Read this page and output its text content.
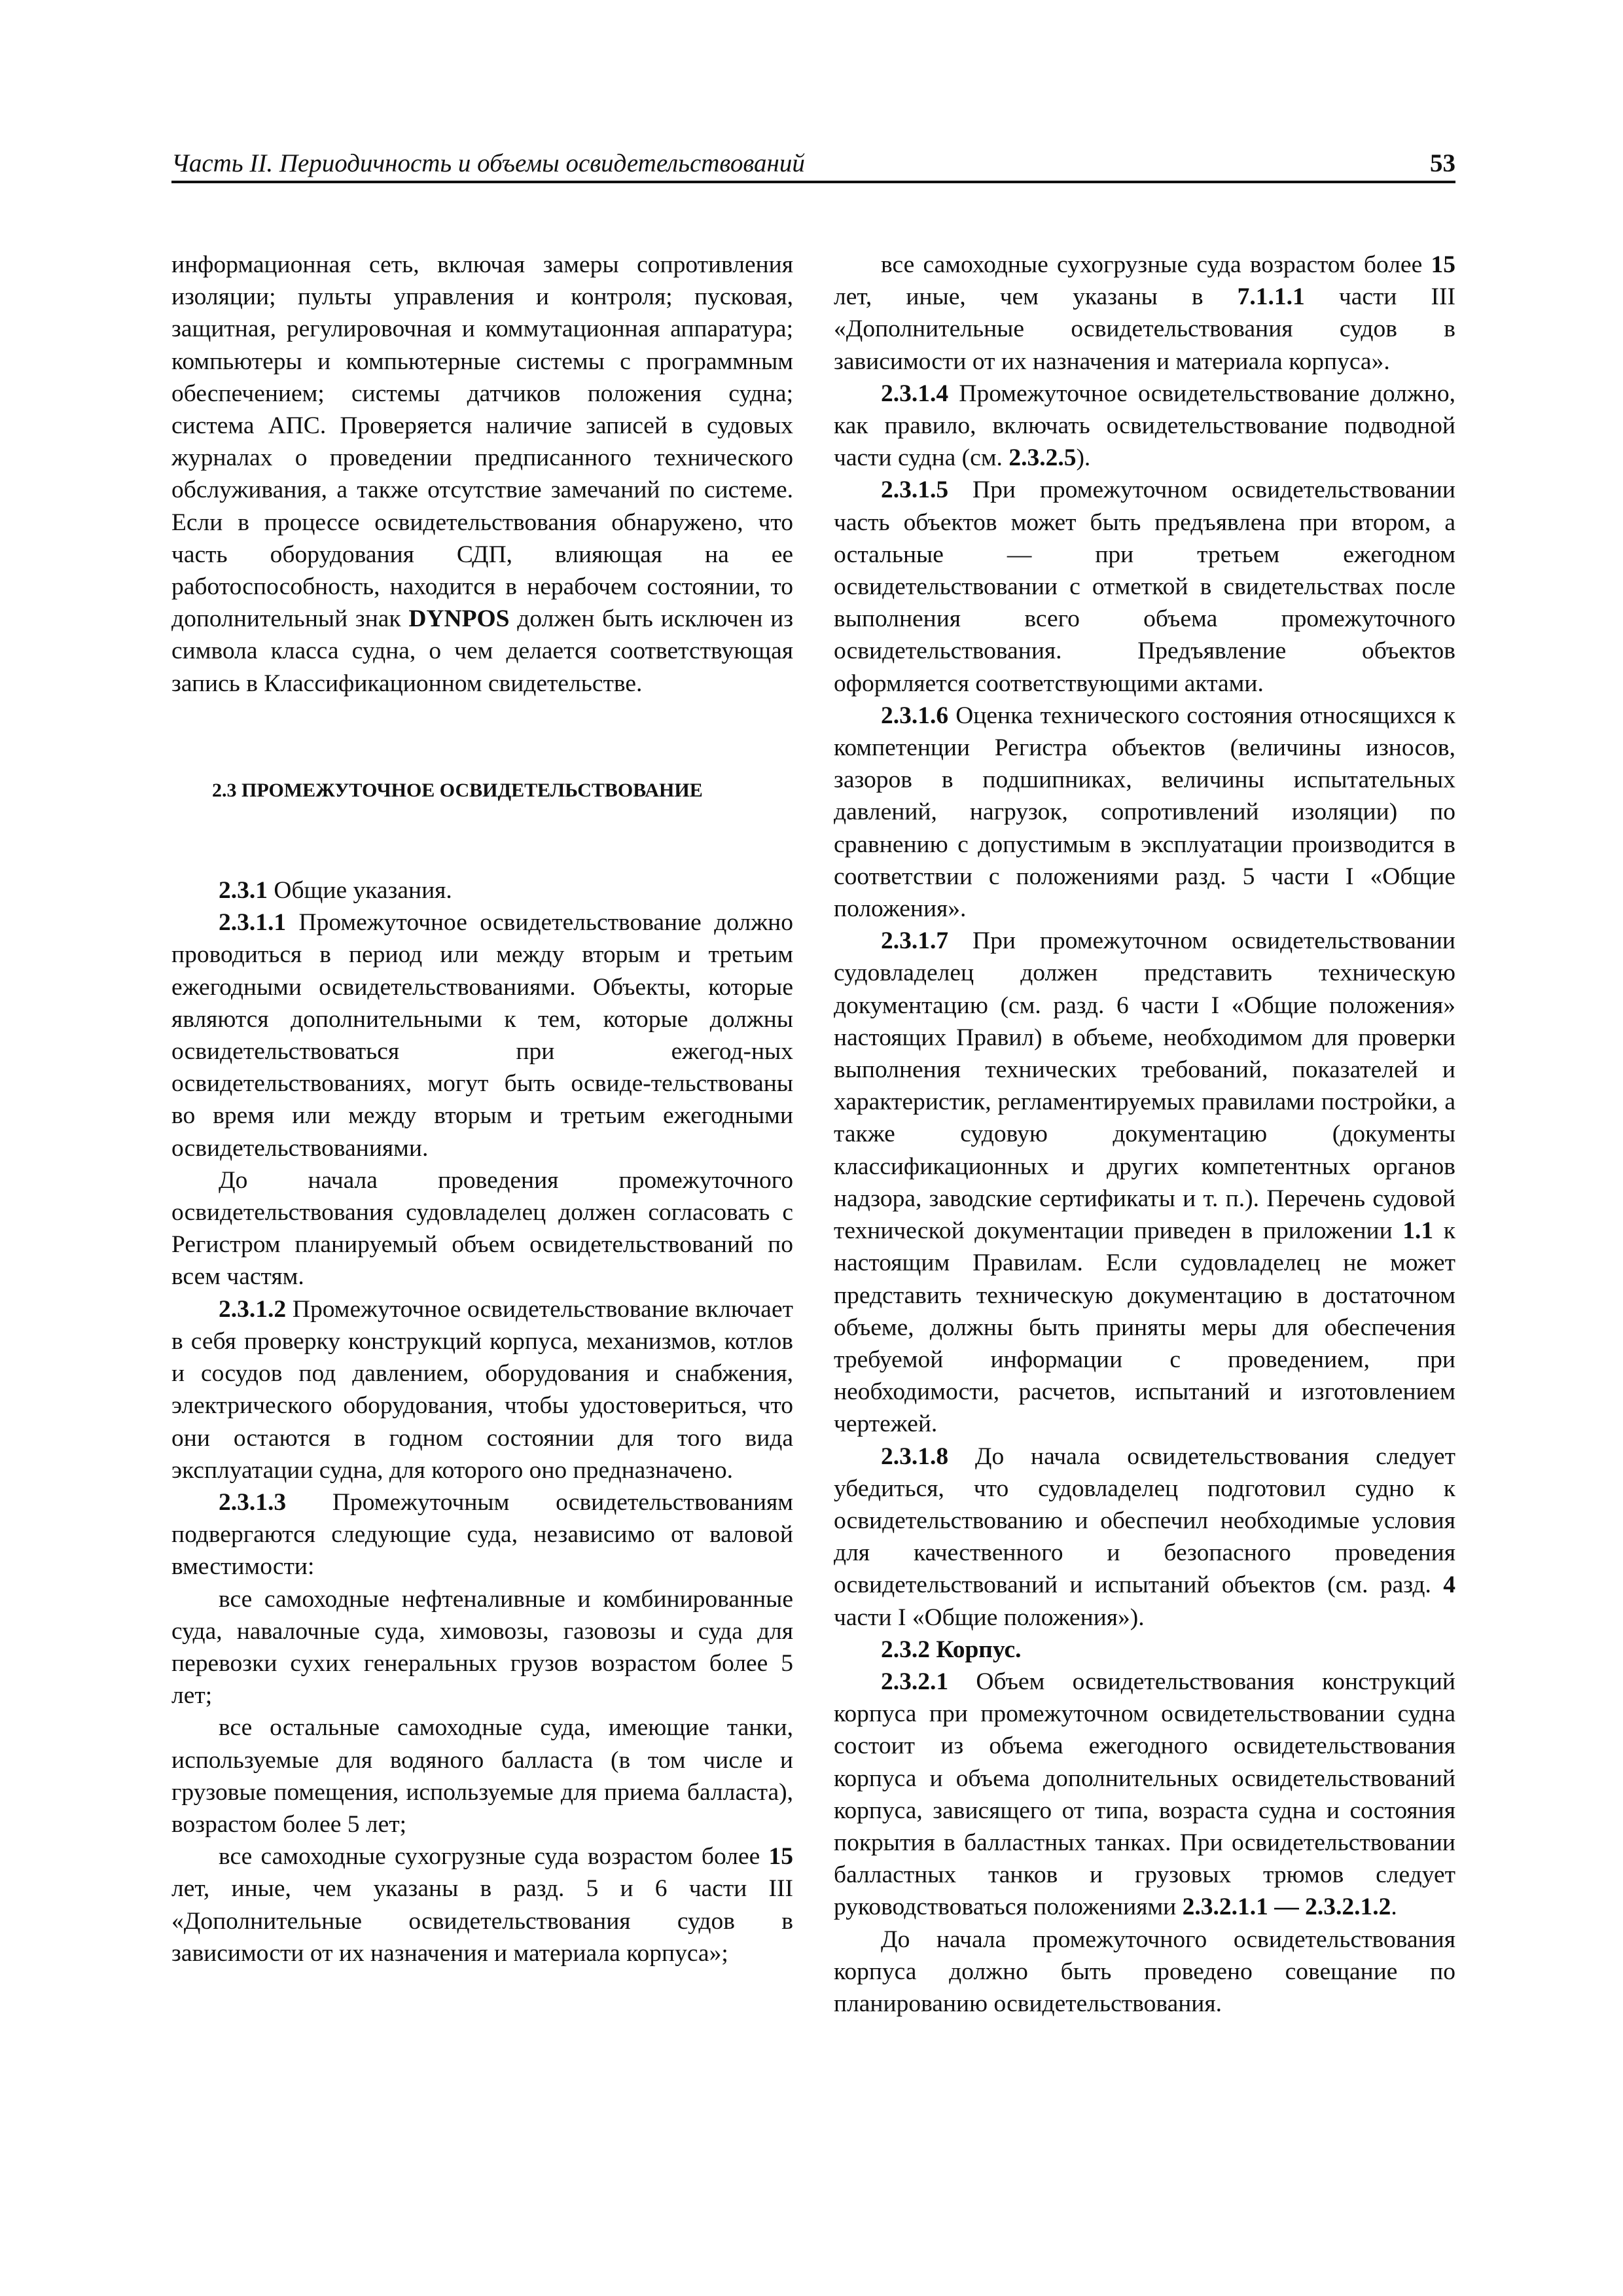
Часть II. Периодичность и объемы освидетельствований	53

информационная сеть, включая замеры сопротивления изоляции; пульты управления и контроля; пусковая, защитная, регулировочная и коммутационная аппаратура; компьютеры и компьютерные системы с программным обеспечением; системы датчиков положения судна; система АПС. Проверяется наличие записей в судовых журналах о проведении предписанного технического обслуживания, а также отсутствие замечаний по системе. Если в процессе освидетельствования обнаружено, что часть оборудования СДП, влияющая на ее работоспособность, находится в нерабочем состоянии, то дополнительный знак DYNPOS должен быть исключен из символа класса судна, о чем делается соответствующая запись в Классификационном свидетельстве.

2.3 ПРОМЕЖУТОЧНОЕ ОСВИДЕТЕЛЬСТВОВАНИЕ

2.3.1 Общие указания.

2.3.1.1 Промежуточное освидетельствование должно проводиться в период или между вторым и третьим ежегодными освидетельствованиями. Объекты, которые являются дополнительными к тем, которые должны освидетельствоваться при ежегод-ных освидетельствованиях, могут быть освиде-тельствованы во время или между вторым и третьим ежегодными освидетельствованиями.

До начала проведения промежуточного освидетельствования судовладелец должен согласовать с Регистром планируемый объем освидетельствований по всем частям.

2.3.1.2 Промежуточное освидетельствование включает в себя проверку конструкций корпуса, механизмов, котлов и сосудов под давлением, оборудования и снабжения, электрического оборудования, чтобы удостовериться, что они остаются в годном состоянии для того вида эксплуатации судна, для которого оно предназначено.

2.3.1.3 Промежуточным освидетельствованиям подвергаются следующие суда, независимо от валовой вместимости:

все самоходные нефтеналивные и комбинированные суда, навалочные суда, химовозы, газовозы и суда для перевозки сухих генеральных грузов возрастом более 5 лет;

все остальные самоходные суда, имеющие танки, используемые для водяного балласта (в том числе и грузовые помещения, используемые для приема балласта), возрастом более 5 лет;

все самоходные сухогрузные суда возрастом более 15 лет, иные, чем указаны в разд. 5 и 6 части III «Дополнительные освидетельствования судов в зависимости от их назначения и материала корпуса»;

все самоходные сухогрузные суда возрастом более 15 лет, иные, чем указаны в 7.1.1.1 части III «Дополнительные освидетельствования судов в зависимости от их назначения и материала корпуса».

2.3.1.4 Промежуточное освидетельствование должно, как правило, включать освидетельствование подводной части судна (см. 2.3.2.5).

2.3.1.5 При промежуточном освидетельствовании часть объектов может быть предъявлена при втором, а остальные — при третьем ежегодном освидетельствовании с отметкой в свидетельствах после выполнения всего объема промежуточного освидетельствования. Предъявление объектов оформляется соответствующими актами.

2.3.1.6 Оценка технического состояния относящихся к компетенции Регистра объектов (величины износов, зазоров в подшипниках, величины испытательных давлений, нагрузок, сопротивлений изоляции) по сравнению с допустимым в эксплуатации производится в соответствии с положениями разд. 5 части I «Общие положения».

2.3.1.7 При промежуточном освидетельствовании судовладелец должен представить техническую документацию (см. разд. 6 части I «Общие положения» настоящих Правил) в объеме, необходимом для проверки выполнения технических требований, показателей и характеристик, регламентируемых правилами постройки, а также судовую документацию (документы классификационных и других компетентных органов надзора, заводские сертификаты и т. п.). Перечень судовой технической документации приведен в приложении 1.1 к настоящим Правилам. Если судовладелец не может представить техническую документацию в достаточном объеме, должны быть приняты меры для обеспечения требуемой информации с проведением, при необходимости, расчетов, испытаний и изготовлением чертежей.

2.3.1.8 До начала освидетельствования следует убедиться, что судовладелец подготовил судно к освидетельствованию и обеспечил необходимые условия для качественного и безопасного проведения освидетельствований и испытаний объектов (см. разд. 4 части I «Общие положения»).

2.3.2 Корпус.

2.3.2.1 Объем освидетельствования конструкций корпуса при промежуточном освидетельствовании судна состоит из объема ежегодного освидетельствования корпуса и объема дополнительных освидетельствований корпуса, зависящего от типа, возраста судна и состояния покрытия в балластных танках. При освидетельствовании балластных танков и грузовых трюмов следует руководствоваться положениями 2.3.2.1.1 — 2.3.2.1.2.

До начала промежуточного освидетельствования корпуса должно быть проведено совещание по планированию освидетельствования.
